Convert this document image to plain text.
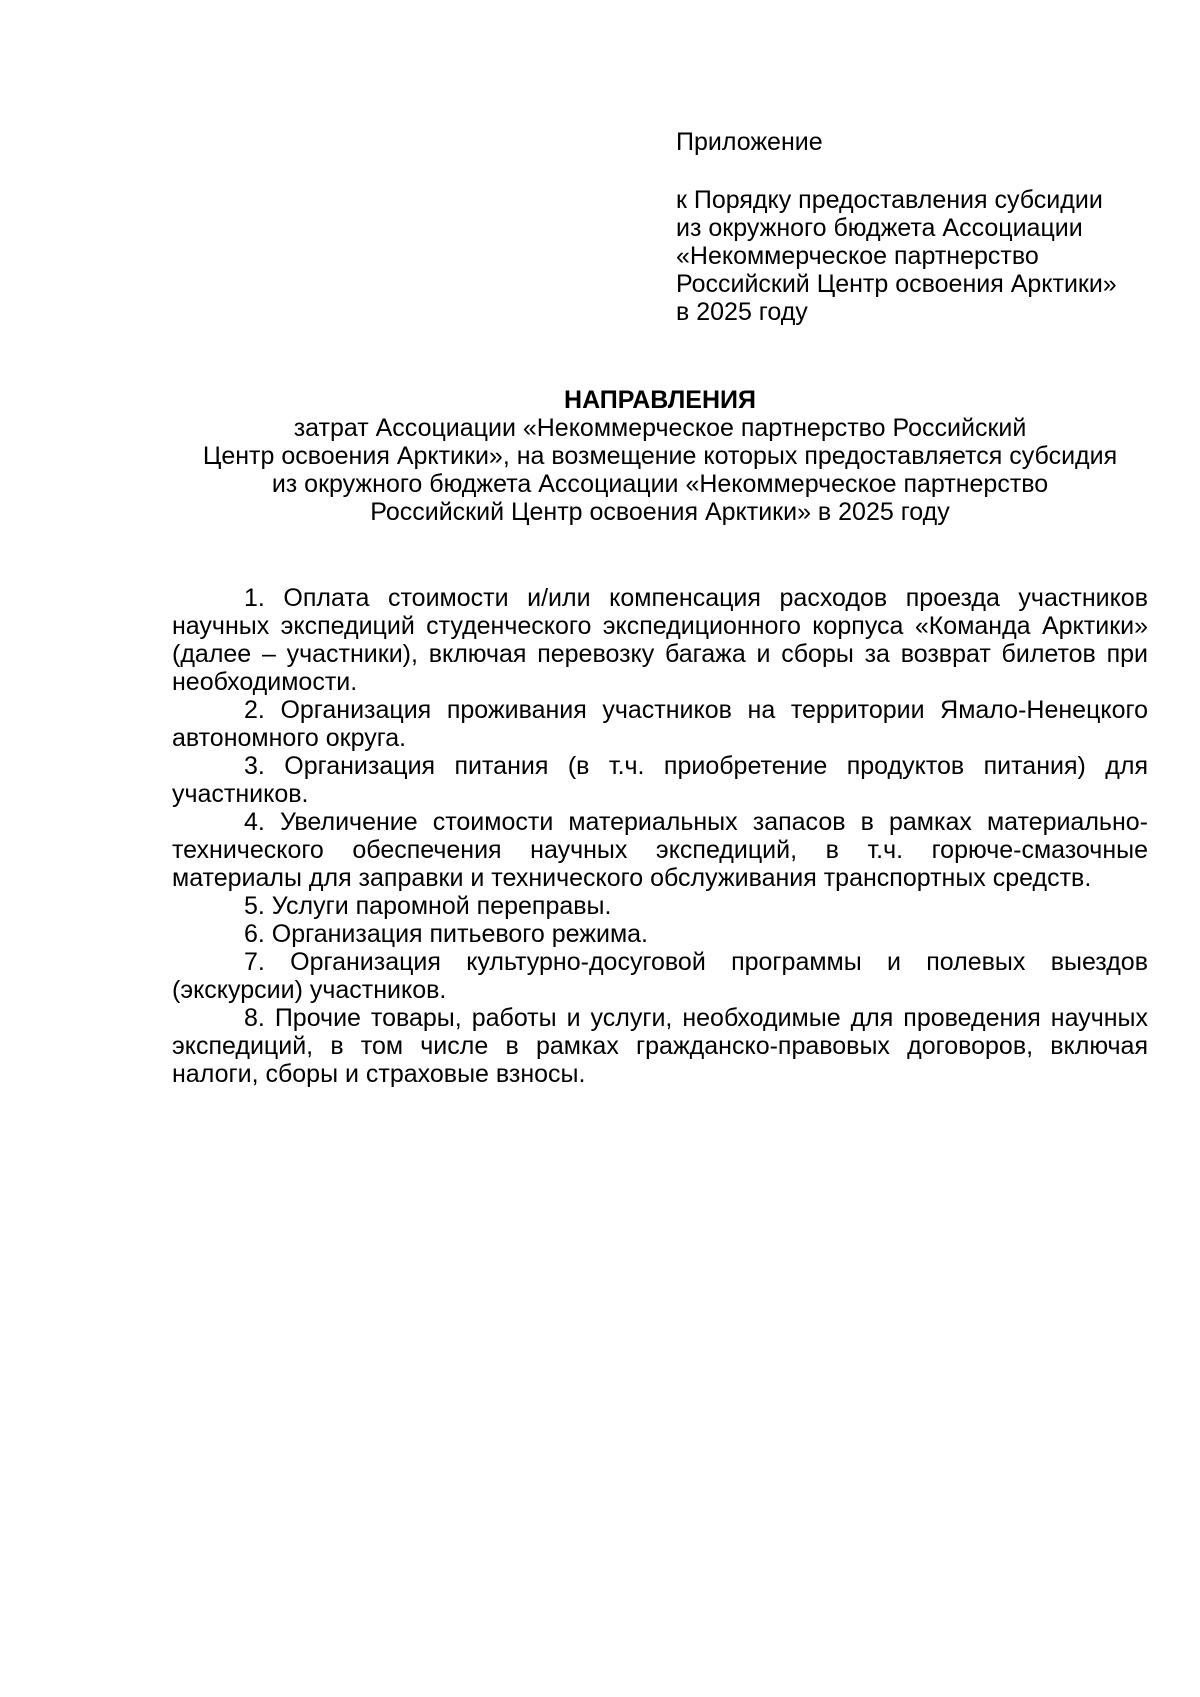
Приложение
к Порядку предоставления субсидии
из окружного бюджета Ассоциации
«Некоммерческое партнерство
Российский Центр освоения Арктики»
в 2025 году
НАПРАВЛЕНИЯ
затрат Ассоциации «Некоммерческое партнерство Российский
Центр освоения Арктики», на возмещение которых предоставляется субсидия
из окружного бюджета Ассоциации «Некоммерческое партнерство
Российский Центр освоения Арктики» в 2025 году

1. Оплата стоимости и/или компенсация расходов проезда участников научных экспедиций студенческого экспедиционного корпуса «Команда Арктики» (далее – участники), включая перевозку багажа и сборы за возврат билетов при необходимости.

2. Организация проживания участников на территории Ямало-Ненецкого автономного округа.

3. Организация питания (в т.ч. приобретение продуктов питания) для участников.

4. Увеличение стоимости материальных запасов в рамках материально-технического обеспечения научных экспедиций, в т.ч. горюче-смазочные материалы для заправки и технического обслуживания транспортных средств.

5. Услуги паромной переправы.

6. Организация питьевого режима.

7. Организация культурно-досуговой программы и полевых выездов (экскурсии) участников.

8. Прочие товары, работы и услуги, необходимые для проведения научных экспедиций, в том числе в рамках гражданско-правовых договоров, включая налоги, сборы и страховые взносы.
